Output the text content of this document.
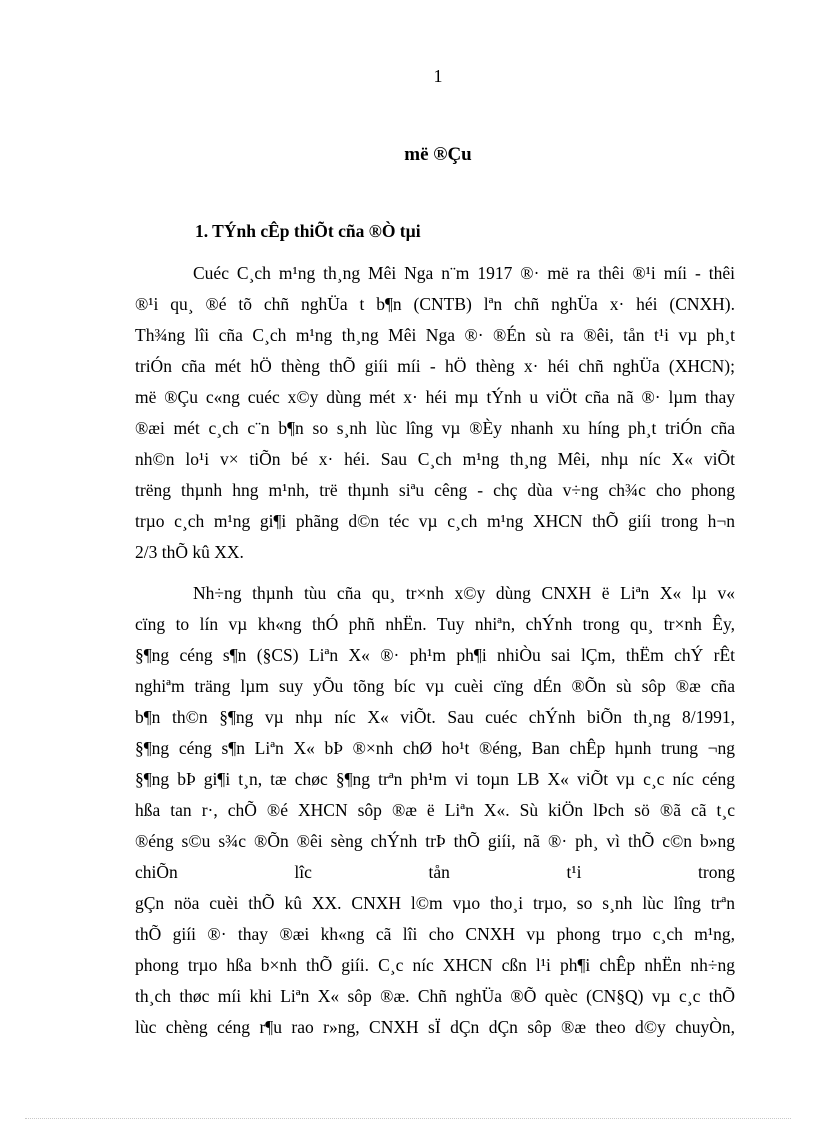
1
më ®Çu
1. TÝnh cÊp thiÕt cña ®Ò tµi
Cuéc C¸ch m¹ng th¸ng Mêi Nga n¨m 1917 ®· më ra thêi ®¹i míi - thêi
®¹i qu¸ ®é tõ chñ nghÜa t b¶n (CNTB) lªn chñ nghÜa x· héi (CNXH).
Th¾ng lîi cña C¸ch m¹ng th¸ng Mêi Nga ®· ®Én sù ra ®êi, tån t¹i vµ ph¸t
triÓn cña mét hÖ thèng thÕ giíi míi - hÖ thèng x· héi chñ nghÜa (XHCN);
më ®Çu c«ng cuéc x©y dùng mét x· héi mµ tÝnh u viÖt cña nã ®· lµm thay
®æi mét c¸ch c¨n b¶n so s¸nh lùc lîng vµ ®Èy nhanh xu híng ph¸t triÓn cña
nh©n lo¹i v× tiÕn bé x· héi. Sau C¸ch m¹ng th¸ng Mêi, nhµ níc X« viÕt
trëng thµnh hng m¹nh, trë thµnh siªu cêng - chç dùa v÷ng ch¾c cho phong
trµo c¸ch m¹ng gi¶i phãng d©n téc vµ c¸ch m¹ng XHCN thÕ giíi trong h¬n
2/3 thÕ kû XX.
Nh÷ng thµnh tùu cña qu¸ tr×nh x©y dùng CNXH ë Liªn X« lµ v«
cïng to lín vµ kh«ng thÓ phñ nhËn. Tuy nhiªn, chÝnh trong qu¸ tr×nh Êy,
§¶ng céng s¶n (§CS) Liªn X« ®· ph¹m ph¶i nhiÒu sai lÇm, thËm chÝ rÊt
nghiªm träng lµm suy yÕu tõng bíc vµ cuèi cïng dÉn ®Õn sù sôp ®æ cña
b¶n th©n §¶ng vµ nhµ níc X« viÕt. Sau cuéc chÝnh biÕn th¸ng 8/1991,
§¶ng céng s¶n Liªn X« bÞ ®×nh chØ ho¹t ®éng, Ban chÊp hµnh trung ¬ng
§¶ng bÞ gi¶i t¸n, tæ chøc §¶ng trªn ph¹m vi toµn LB X« viÕt vµ c¸c níc céng
hßa tan r·, chÕ ®é XHCN sôp ®æ ë Liªn X«. Sù kiÖn lÞch sö ®ã cã t¸c
®éng s©u s¾c ®Õn ®êi sèng chÝnh trÞ thÕ giíi, nã ®· ph¸ vì thÕ c©n b»ng
chiÕn lîc tån t¹i trong
gÇn nöa cuèi thÕ kû XX. CNXH l©m vµo tho¸i trµo, so s¸nh lùc lîng trªn
thÕ giíi ®· thay ®æi kh«ng cã lîi cho CNXH vµ phong trµo c¸ch m¹ng,
phong trµo hßa b×nh thÕ giíi. C¸c níc XHCN cßn l¹i ph¶i chÊp nhËn nh÷ng
th¸ch thøc míi khi Liªn X« sôp ®æ. Chñ nghÜa ®Õ quèc (CN§Q) vµ c¸c thÕ
lùc chèng céng r¶u rao r»ng, CNXH sÏ dÇn dÇn sôp ®æ theo d©y chuyÒn,
